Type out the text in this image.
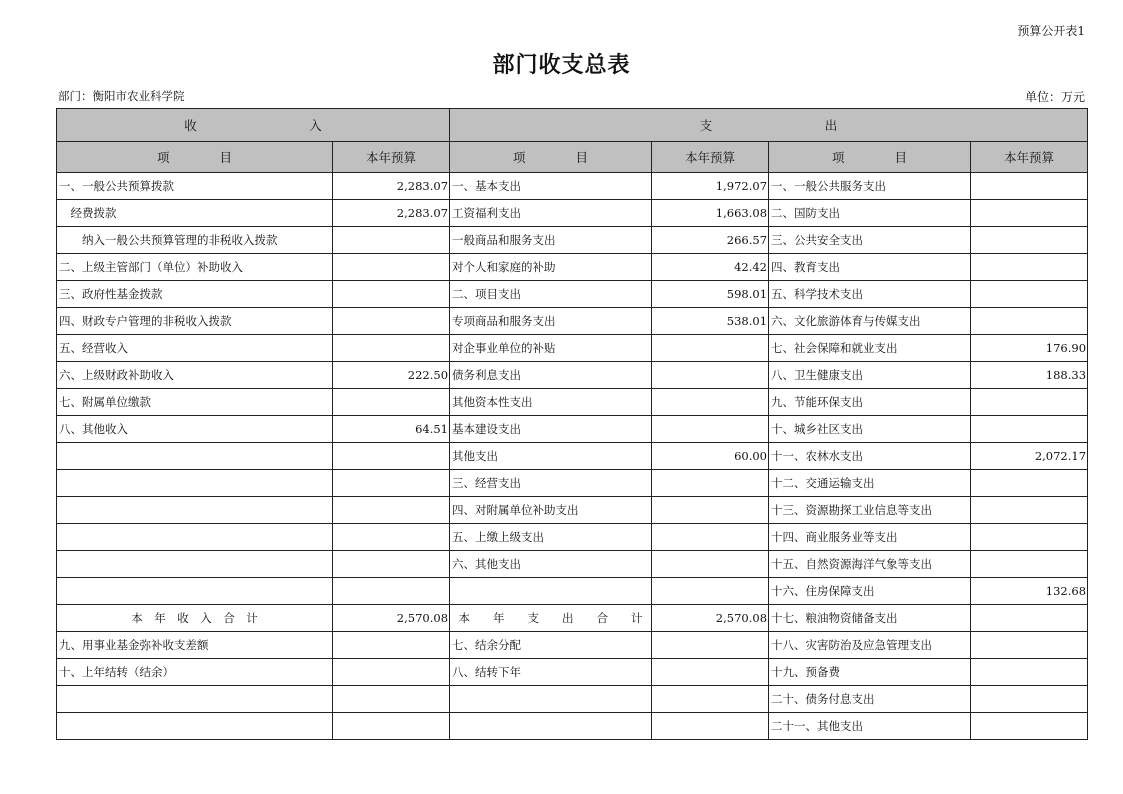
预算公开表1
部门收支总表
部门：衡阳市农业科学院	单位：万元
收　　　　　　　　　入		支　　　　　　　　　出			
项　　　　目	本年预算	项　　　　目	本年预算	项　　　　目	本年预算
一、一般公共预算拨款	2,283.07	一、基本支出	1,972.07	一、一般公共服务支出	
　经费拨款	2,283.07	工资福利支出	1,663.08	二、国防支出	
　　纳入一般公共预算管理的非税收入拨款		一般商品和服务支出	266.57	三、公共安全支出	
二、上级主管部门（单位）补助收入		对个人和家庭的补助	42.42	四、教育支出	
三、政府性基金拨款		二、项目支出	598.01	五、科学技术支出	
四、财政专户管理的非税收入拨款		专项商品和服务支出	538.01	六、文化旅游体育与传媒支出	
五、经营收入		对企事业单位的补贴		七、社会保障和就业支出	176.90
六、上级财政补助收入	222.50	债务利息支出		八、卫生健康支出	188.33
七、附属单位缴款		其他资本性支出		九、节能环保支出	
八、其他收入	64.51	基本建设支出		十、城乡社区支出	
		其他支出	60.00	十一、农林水支出	2,072.17
		三、经营支出		十二、交通运输支出	
		四、对附属单位补助支出		十三、资源勘探工业信息等支出	
		五、上缴上级支出		十四、商业服务业等支出	
		六、其他支出		十五、自然资源海洋气象等支出	
				十六、住房保障支出	132.68
本　年　收　入　合　计	2,570.08	本　　年　　支　　出　　合　　计	2,570.08	十七、粮油物资储备支出	
九、用事业基金弥补收支差额		七、结余分配		十八、灾害防治及应急管理支出	
十、上年结转（结余）		八、结转下年		十九、预备费	
				二十、债务付息支出	
				二十一、其他支出	
